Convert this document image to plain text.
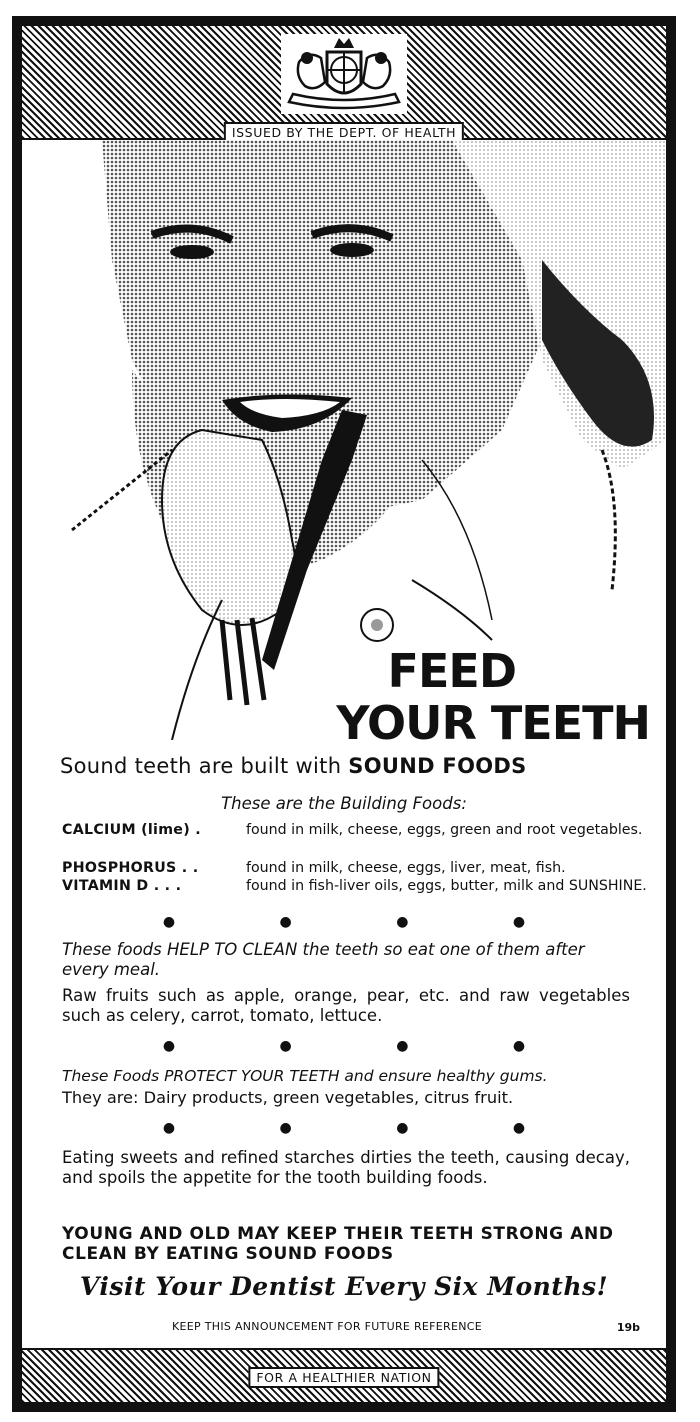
ISSUED BY THE DEPT. OF HEALTH
FEED
YOUR TEETH
Sound teeth are built with SOUND FOODS
These are the Building Foods:
CALCIUM (lime) .	found in milk, cheese, eggs, green and root vegetables.
PHOSPHORUS . .	found in milk, cheese, eggs, liver, meat, fish.
VITAMIN D . . .	found in fish-liver oils, eggs, butter, milk and SUNSHINE.
● ● ● ●
These foods HELP TO CLEAN the teeth so eat one of them after every meal.
Raw fruits such as apple, orange, pear, etc. and raw vegetables such as celery, carrot, tomato, lettuce.
● ● ● ●
These Foods PROTECT YOUR TEETH and ensure healthy gums.
They are: Dairy products, green vegetables, citrus fruit.
● ● ● ●
Eating sweets and refined starches dirties the teeth, causing decay, and spoils the appetite for the tooth building foods.
YOUNG AND OLD MAY KEEP THEIR TEETH STRONG AND CLEAN BY EATING SOUND FOODS
Visit Your Dentist Every Six Months!
KEEP THIS ANNOUNCEMENT FOR FUTURE REFERENCE	19b
FOR A HEALTHIER NATION
